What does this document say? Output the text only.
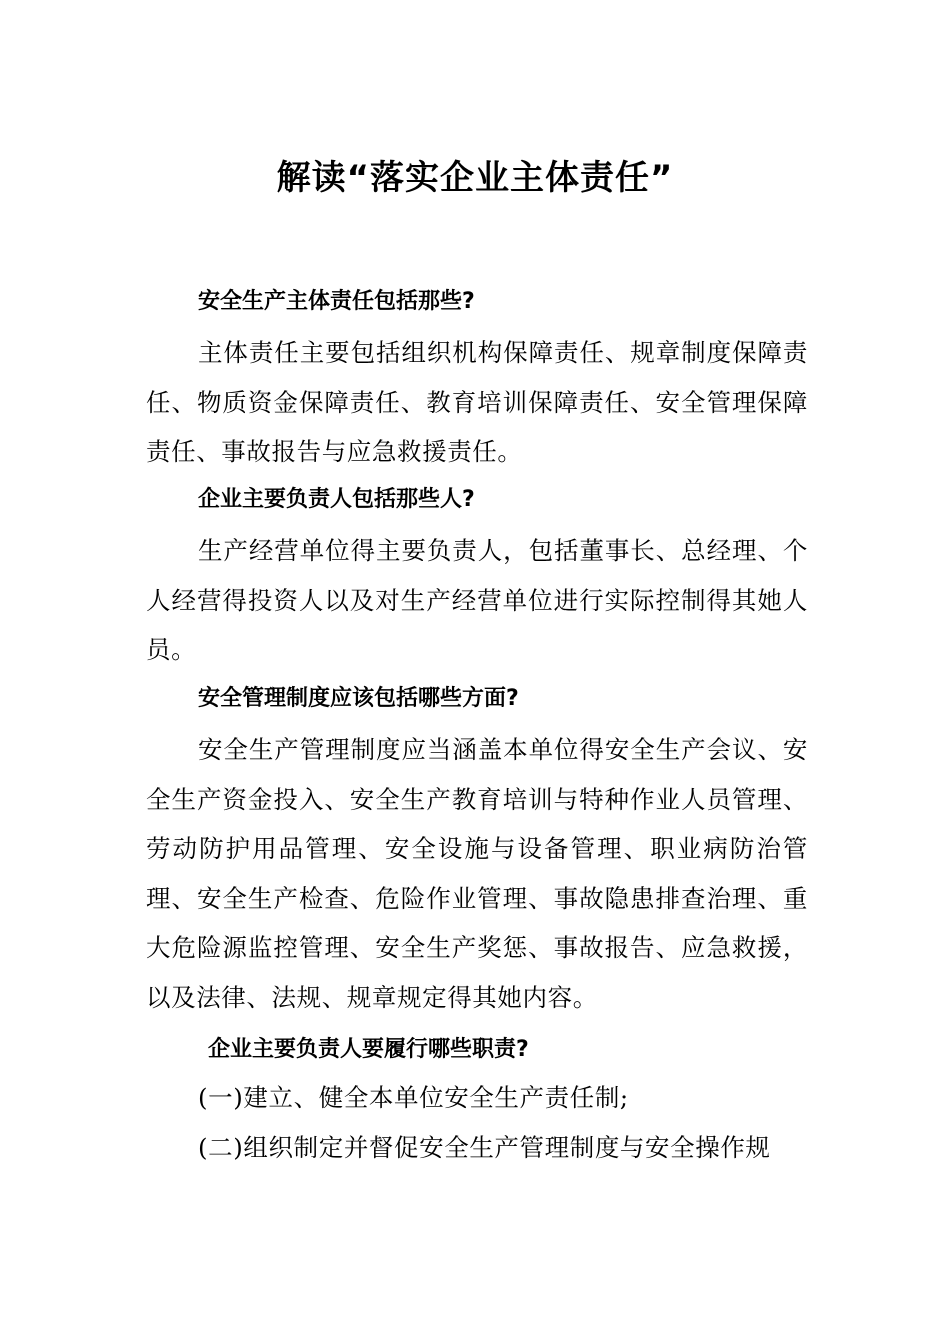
解读“落实企业主体责任”

安全生产主体责任包括那些?

主体责任主要包括组织机构保障责任、规章制度保障责任、物质资金保障责任、教育培训保障责任、安全管理保障责任、事故报告与应急救援责任。

企业主要负责人包括那些人?

生产经营单位得主要负责人，包括董事长、总经理、个人经营得投资人以及对生产经营单位进行实际控制得其她人员。

安全管理制度应该包括哪些方面?

安全生产管理制度应当涵盖本单位得安全生产会议、安全生产资金投入、安全生产教育培训与特种作业人员管理、劳动防护用品管理、安全设施与设备管理、职业病防治管理、安全生产检查、危险作业管理、事故隐患排查治理、重大危险源监控管理、安全生产奖惩、事故报告、应急救援，以及法律、法规、规章规定得其她内容。

企业主要负责人要履行哪些职责?

(一)建立、健全本单位安全生产责任制;

(二)组织制定并督促安全生产管理制度与安全操作规
